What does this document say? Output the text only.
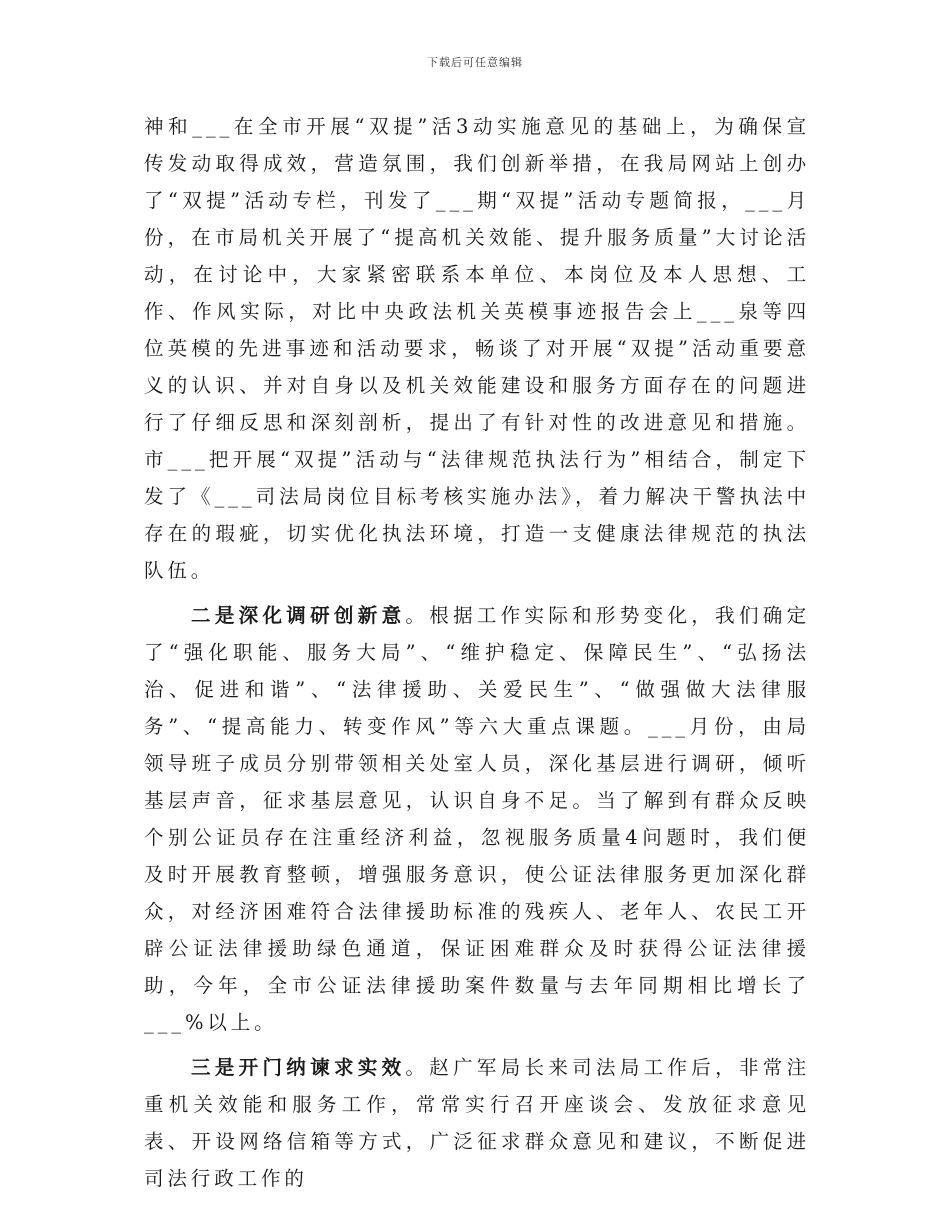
下载后可任意编辑

神和___在全市开展“双提”活3动实施意见的基础上，为确保宣传发动取得成效，营造氛围，我们创新举措，在我局网站上创办了“双提”活动专栏，刊发了___期“双提”活动专题简报，___月份，在市局机关开展了“提高机关效能、提升服务质量”大讨论活动，在讨论中，大家紧密联系本单位、本岗位及本人思想、工作、作风实际，对比中央政法机关英模事迹报告会上___泉等四位英模的先进事迹和活动要求，畅谈了对开展“双提”活动重要意义的认识、并对自身以及机关效能建设和服务方面存在的问题进行了仔细反思和深刻剖析，提出了有针对性的改进意见和措施。市___把开展“双提”活动与“法律规范执法行为”相结合，制定下发了《___司法局岗位目标考核实施办法》，着力解决干警执法中存在的瑕疵，切实优化执法环境，打造一支健康法律规范的执法队伍。

二是深化调研创新意。根据工作实际和形势变化，我们确定了“强化职能、服务大局”、“维护稳定、保障民生”、“弘扬法治、促进和谐”、“法律援助、关爱民生”、“做强做大法律服务”、“提高能力、转变作风”等六大重点课题。___月份，由局领导班子成员分别带领相关处室人员，深化基层进行调研，倾听基层声音，征求基层意见，认识自身不足。当了解到有群众反映个别公证员存在注重经济利益，忽视服务质量4问题时，我们便及时开展教育整顿，增强服务意识，使公证法律服务更加深化群众，对经济困难符合法律援助标准的残疾人、老年人、农民工开辟公证法律援助绿色通道，保证困难群众及时获得公证法律援助，今年，全市公证法律援助案件数量与去年同期相比增长了___%以上。

三是开门纳谏求实效。赵广军局长来司法局工作后，非常注重机关效能和服务工作，常常实行召开座谈会、发放征求意见表、开设网络信箱等方式，广泛征求群众意见和建议，不断促进司法行政工作的
